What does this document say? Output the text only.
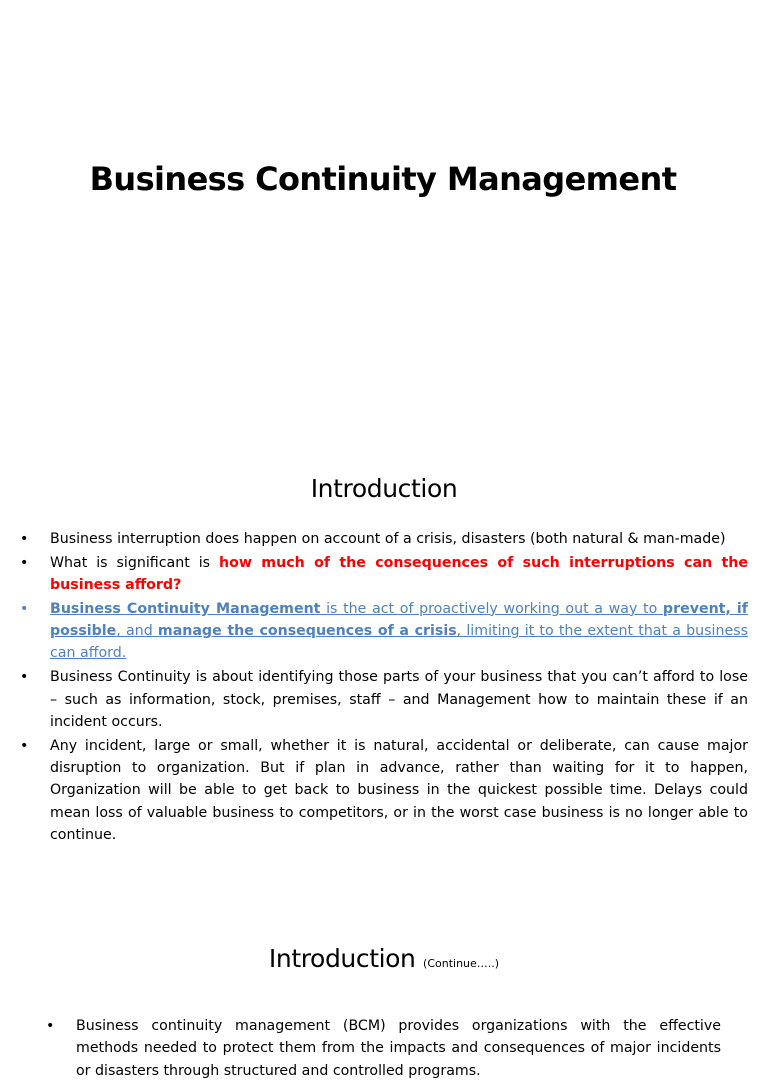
Business Continuity Management
Introduction
• Business interruption does happen on account of a crisis, disasters (both natural & man-made)
• What is significant is how much of the consequences of such interruptions can the business afford?
• Business Continuity Management is the act of proactively working out a way to prevent, if possible, and manage the consequences of a crisis, limiting it to the extent that a business can afford.
• Business Continuity is about identifying those parts of your business that you can’t afford to lose – such as information, stock, premises, staff – and Management how to maintain these if an incident occurs.
• Any incident, large or small, whether it is natural, accidental or deliberate, can cause major disruption to organization. But if plan in advance, rather than waiting for it to happen, Organization will be able to get back to business in the quickest possible time. Delays could mean loss of valuable business to competitors, or in the worst case business is no longer able to continue.
Introduction (Continue…..)
• Business continuity management (BCM) provides organizations with the effective methods needed to protect them from the impacts and consequences of major incidents or disasters through structured and controlled programs.
